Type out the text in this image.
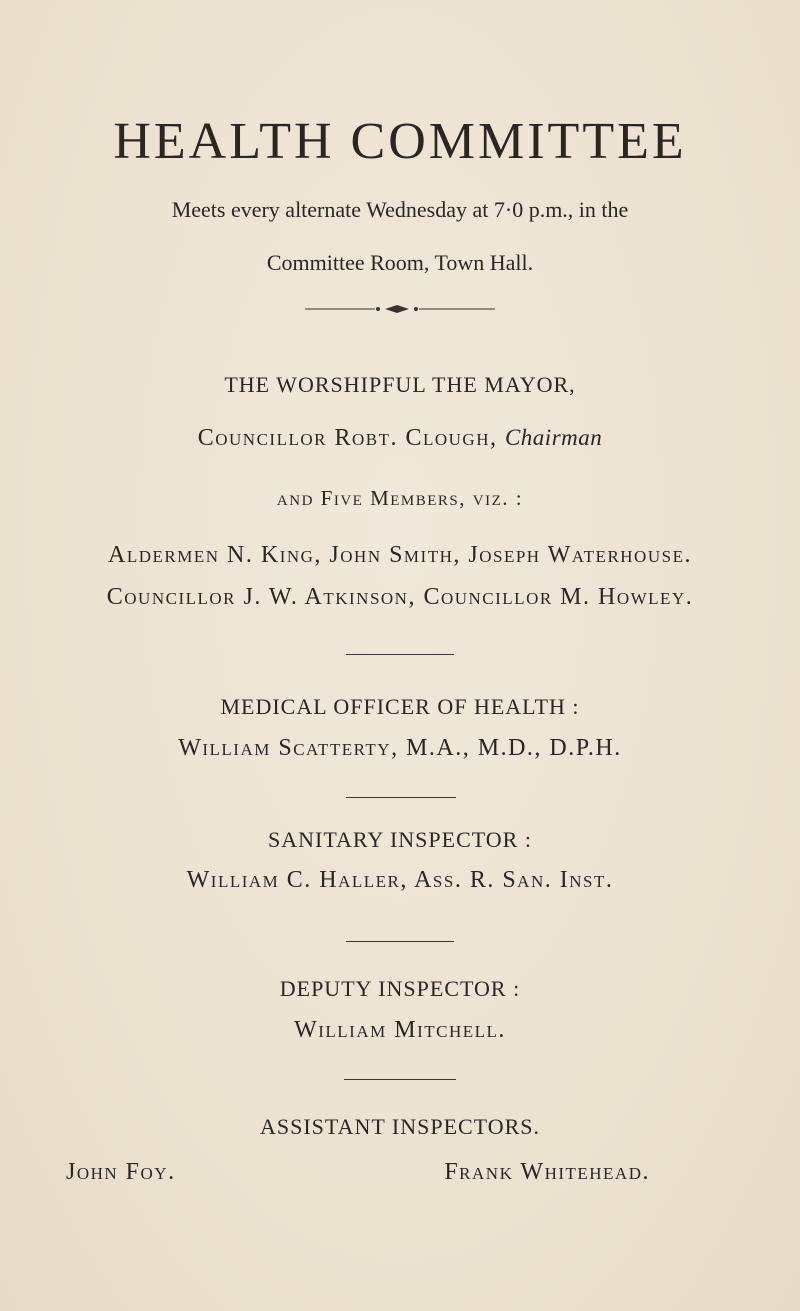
HEALTH COMMITTEE
Meets every alternate Wednesday at 7·0 p.m., in the
Committee Room, Town Hall.
THE WORSHIPFUL THE MAYOR,
Councillor Robt. Clough, Chairman
and Five Members, viz. :
Aldermen N. King, John Smith, Joseph Waterhouse.
Councillor J. W. Atkinson, Councillor M. Howley.
MEDICAL OFFICER OF HEALTH :
William Scatterty, M.A., M.D., D.P.H.
SANITARY INSPECTOR :
William C. Haller, Ass. R. San. Inst.
DEPUTY INSPECTOR :
William Mitchell.
ASSISTANT INSPECTORS.
John Foy.	Frank Whitehead.
